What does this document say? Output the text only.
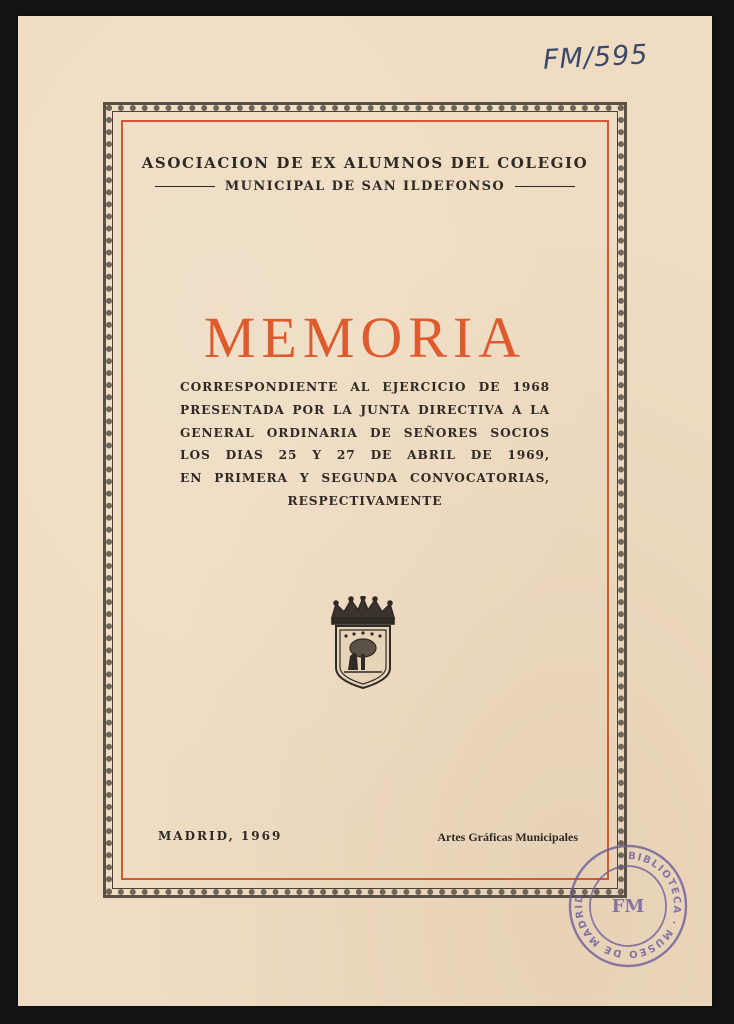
FM/595
ASOCIACION DE EX ALUMNOS DEL COLEGIO
MUNICIPAL DE SAN ILDEFONSO
MEMORIA
CORRESPONDIENTE AL EJERCICIO DE 1968
PRESENTADA POR LA JUNTA DIRECTIVA A LA
GENERAL ORDINARIA DE SEÑORES SOCIOS
LOS DIAS 25 Y 27 DE ABRIL DE 1969,
EN PRIMERA Y SEGUNDA CONVOCATORIAS,
RESPECTIVAMENTE
MADRID, 1969	Artes Gráficas Municipales
BIBLIOTECA · MUSEO DE MADRID	FM
